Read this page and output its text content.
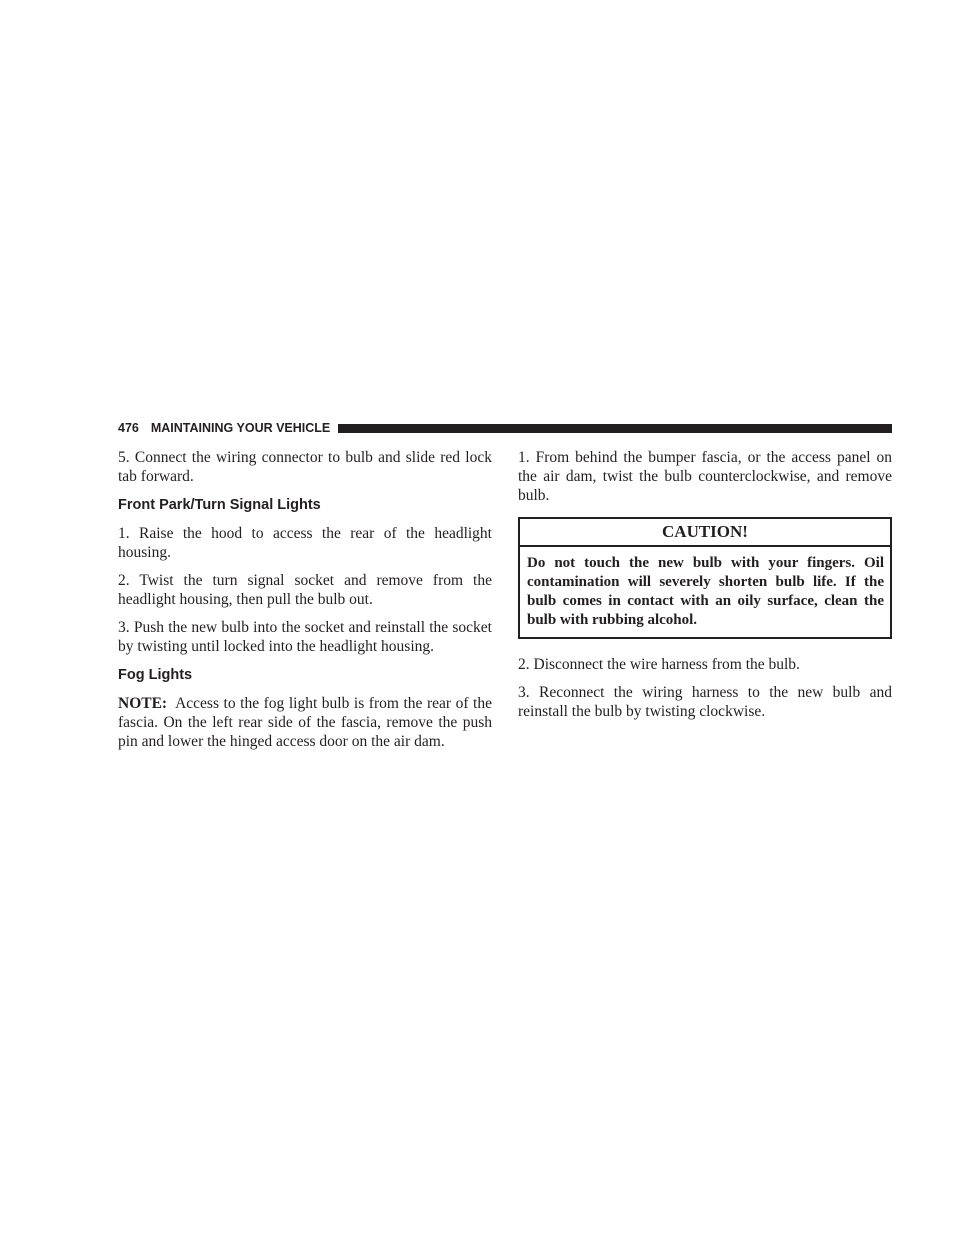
476 MAINTAINING YOUR VEHICLE

5. Connect the wiring connector to bulb and slide red lock tab forward.

Front Park/Turn Signal Lights

1. Raise the hood to access the rear of the headlight housing.

2. Twist the turn signal socket and remove from the headlight housing, then pull the bulb out.

3. Push the new bulb into the socket and reinstall the socket by twisting until locked into the headlight housing.

Fog Lights

NOTE: Access to the fog light bulb is from the rear of the fascia. On the left rear side of the fascia, remove the push pin and lower the hinged access door on the air dam.

1. From behind the bumper fascia, or the access panel on the air dam, twist the bulb counterclockwise, and remove bulb.

CAUTION!
Do not touch the new bulb with your fingers. Oil contamination will severely shorten bulb life. If the bulb comes in contact with an oily surface, clean the bulb with rubbing alcohol.

2. Disconnect the wire harness from the bulb.

3. Reconnect the wiring harness to the new bulb and reinstall the bulb by twisting clockwise.
